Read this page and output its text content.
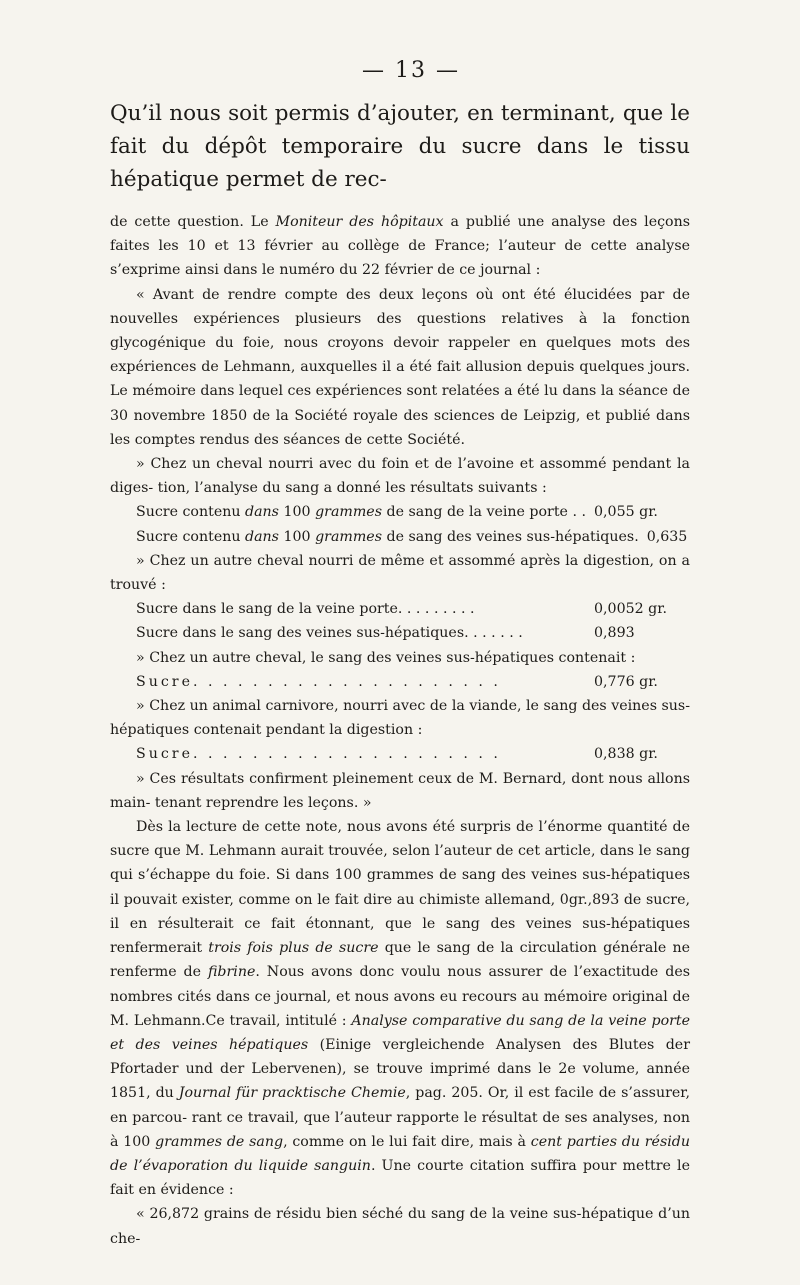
— 13 —

Qu’il nous soit permis d’ajouter, en terminant, que le fait du dépôt temporaire du sucre dans le tissu hépatique permet de rec-

de cette question. Le Moniteur des hôpitaux a publié une analyse des leçons faites les 10 et 13 février au collège de France; l’auteur de cette analyse s’exprime ainsi dans le numéro du 22 février de ce journal :

« Avant de rendre compte des deux leçons où ont été élucidées par de nouvelles expériences plusieurs des questions relatives à la fonction glycogénique du foie, nous croyons devoir rappeler en quelques mots des expériences de Lehmann, auxquelles il a été fait allusion depuis quelques jours. Le mémoire dans lequel ces expériences sont relatées a été lu dans la séance de 30 novembre 1850 de la Société royale des sciences de Leipzig, et publié dans les comptes rendus des séances de cette Société.

» Chez un cheval nourri avec du foin et de l’avoine et assommé pendant la diges- tion, l’analyse du sang a donné les résultats suivants :

Sucre contenu dans 100 grammes de sang de la veine porte . . 0,055 gr.
Sucre contenu dans 100 grammes de sang des veines sus-hépatiques. 0,635

» Chez un autre cheval nourri de même et assommé après la digestion, on a trouvé :

Sucre dans le sang de la veine porte. . . . . . . . .	0,0052 gr.
Sucre dans le sang des veines sus-hépatiques. . . . . . .	0,893

» Chez un autre cheval, le sang des veines sus-hépatiques contenait :

Sucre. . . . . . . . . . . . . . . . . . . . .	0,776 gr.

» Chez un animal carnivore, nourri avec de la viande, le sang des veines sus- hépatiques contenait pendant la digestion :

Sucre. . . . . . . . . . . . . . . . . . . . .	0,838 gr.

» Ces résultats confirment pleinement ceux de M. Bernard, dont nous allons main- tenant reprendre les leçons. »

Dès la lecture de cette note, nous avons été surpris de l’énorme quantité de sucre que M. Lehmann aurait trouvée, selon l’auteur de cet article, dans le sang qui s’échappe du foie. Si dans 100 grammes de sang des veines sus-hépatiques il pouvait exister, comme on le fait dire au chimiste allemand, 0gr.,893 de sucre, il en résulterait ce fait étonnant, que le sang des veines sus-hépatiques renfermerait trois fois plus de sucre que le sang de la circulation générale ne renferme de fibrine. Nous avons donc voulu nous assurer de l’exactitude des nombres cités dans ce journal, et nous avons eu recours au mémoire original de M. Lehmann.Ce travail, intitulé : Analyse comparative du sang de la veine porte et des veines hépatiques (Einige vergleichende Analysen des Blutes der Pfortader und der Lebervenen), se trouve imprimé dans le 2e volume, année 1851, du Journal für pracktische Chemie, pag. 205. Or, il est facile de s’assurer, en parcou- rant ce travail, que l’auteur rapporte le résultat de ses analyses, non à 100 grammes de sang, comme on le lui fait dire, mais à cent parties du résidu de l’évaporation du liquide sanguin. Une courte citation suffira pour mettre le fait en évidence :

« 26,872 grains de résidu bien séché du sang de la veine sus-hépatique d’un che-
